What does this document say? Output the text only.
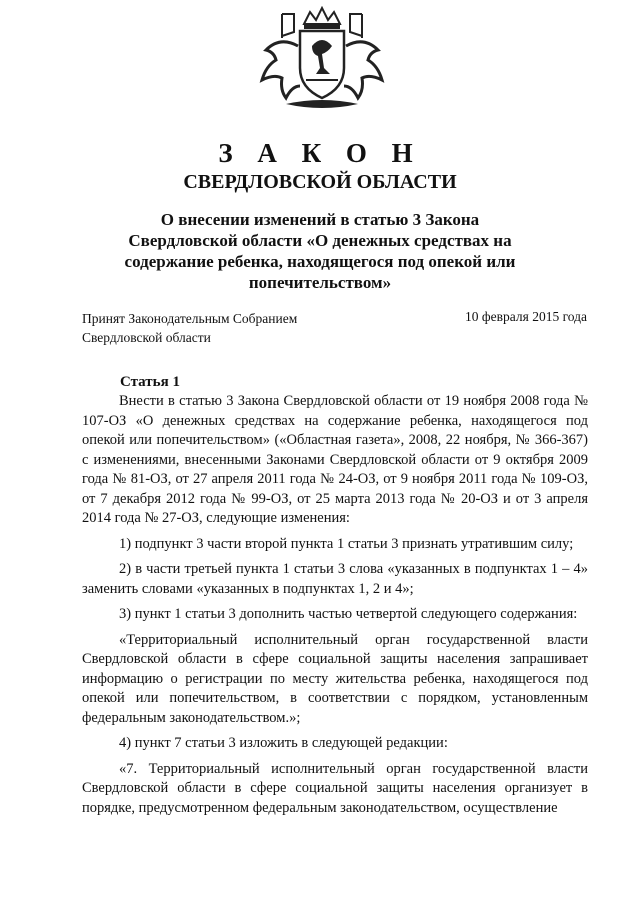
З А К О Н
СВЕРДЛОВСКОЙ ОБЛАСТИ
О внесении изменений в статью 3 Закона Свердловской области «О денежных средствах на содержание ребенка, находящегося под опекой или попечительством»
Принят Законодательным Собранием
Свердловской области
10 февраля 2015 года
Статья 1

Внести в статью 3 Закона Свердловской области от 19 ноября 2008 года № 107-ОЗ «О денежных средствах на содержание ребенка, находящегося под опекой или попечительством» («Областная газета», 2008, 22 ноября, № 366-367) с изменениями, внесенными Законами Свердловской области от 9 октября 2009 года № 81-ОЗ, от 27 апреля 2011 года № 24-ОЗ, от 9 ноября 2011 года № 109-ОЗ, от 7 декабря 2012 года № 99-ОЗ, от 25 марта 2013 года № 20-ОЗ и от 3 апреля 2014 года № 27-ОЗ, следующие изменения:

1) подпункт 3 части второй пункта 1 статьи 3 признать утратившим силу;

2) в части третьей пункта 1 статьи 3 слова «указанных в подпунктах 1 – 4» заменить словами «указанных в подпунктах 1, 2 и 4»;

3) пункт 1 статьи 3 дополнить частью четвертой следующего содержания:

«Территориальный исполнительный орган государственной власти Свердловской области в сфере социальной защиты населения запрашивает информацию о регистрации по месту жительства ребенка, находящегося под опекой или попечительством, в соответствии с порядком, установленным федеральным законодательством.»;

4) пункт 7 статьи 3 изложить в следующей редакции:

«7. Территориальный исполнительный орган государственной власти Свердловской области в сфере социальной защиты населения организует в порядке, предусмотренном федеральным законодательством, осуществление
